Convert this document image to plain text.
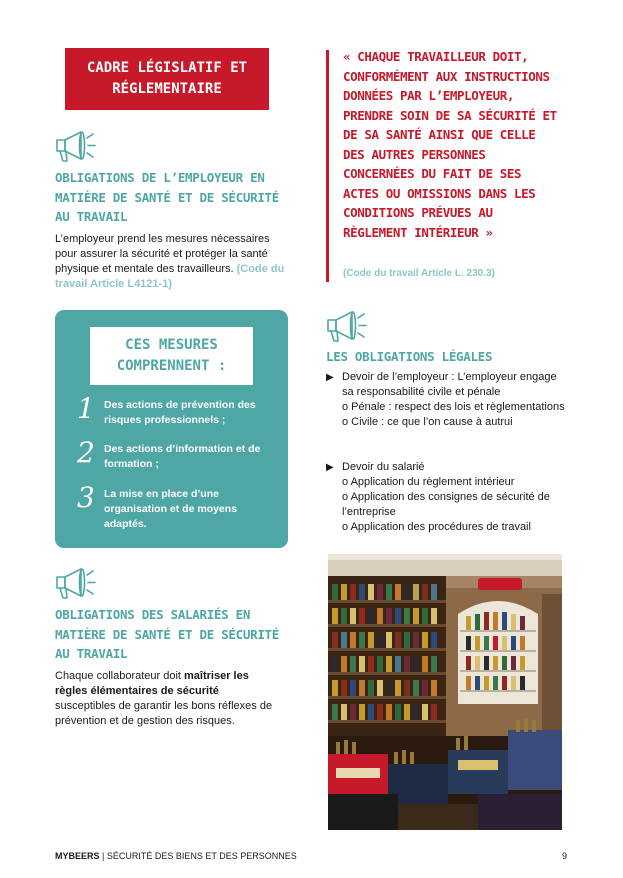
CADRE LÉGISLATIF ET RÉGLEMENTAIRE
OBLIGATIONS DE L’EMPLOYEUR EN MATIÈRE DE SANTÉ ET DE SÉCURITÉ AU TRAVAIL
L’employeur prend les mesures nécessaires pour assurer la sécurité et protéger la santé physique et mentale des travailleurs. (Code du travail Article L4121-1)
CES MESURES COMPRENNENT :
1 Des actions de prévention des risques professionnels ;
2 Des actions d’information et de formation ;
3 La mise en place d’une organisation et de moyens adaptés.
OBLIGATIONS DES SALARIÉS EN MATIÈRE DE SANTÉ ET DE SÉCURITÉ AU TRAVAIL
Chaque collaborateur doit maîtriser les règles élémentaires de sécurité susceptibles de garantir les bons réflexes de prévention et de gestion des risques.
« CHAQUE TRAVAILLEUR DOIT, CONFORMÉMENT AUX INSTRUCTIONS DONNÉES PAR L’EMPLOYEUR, PRENDRE SOIN DE SA SÉCURITÉ ET DE SA SANTÉ AINSI QUE CELLE DES AUTRES PERSONNES CONCERNÉES DU FAIT DE SES ACTES OU OMISSIONS DANS LES CONDITIONS PRÉVUES AU RÈGLEMENT INTÉRIEUR »
(Code du travail Article L. 230.3)
LES OBLIGATIONS LÉGALES
▶ Devoir de l’employeur : L’employeur engage sa responsabilité civile et pénale
o Pénale : respect des lois et règlementations
o Civile : ce que l’on cause à autrui
▶ Devoir du salarié
o Application du règlement intérieur
o Application des consignes de sécurité de l’entreprise
o Application des procédures de travail
MYBEERS | SÉCURITÉ DES BIENS ET DES PERSONNES	9
